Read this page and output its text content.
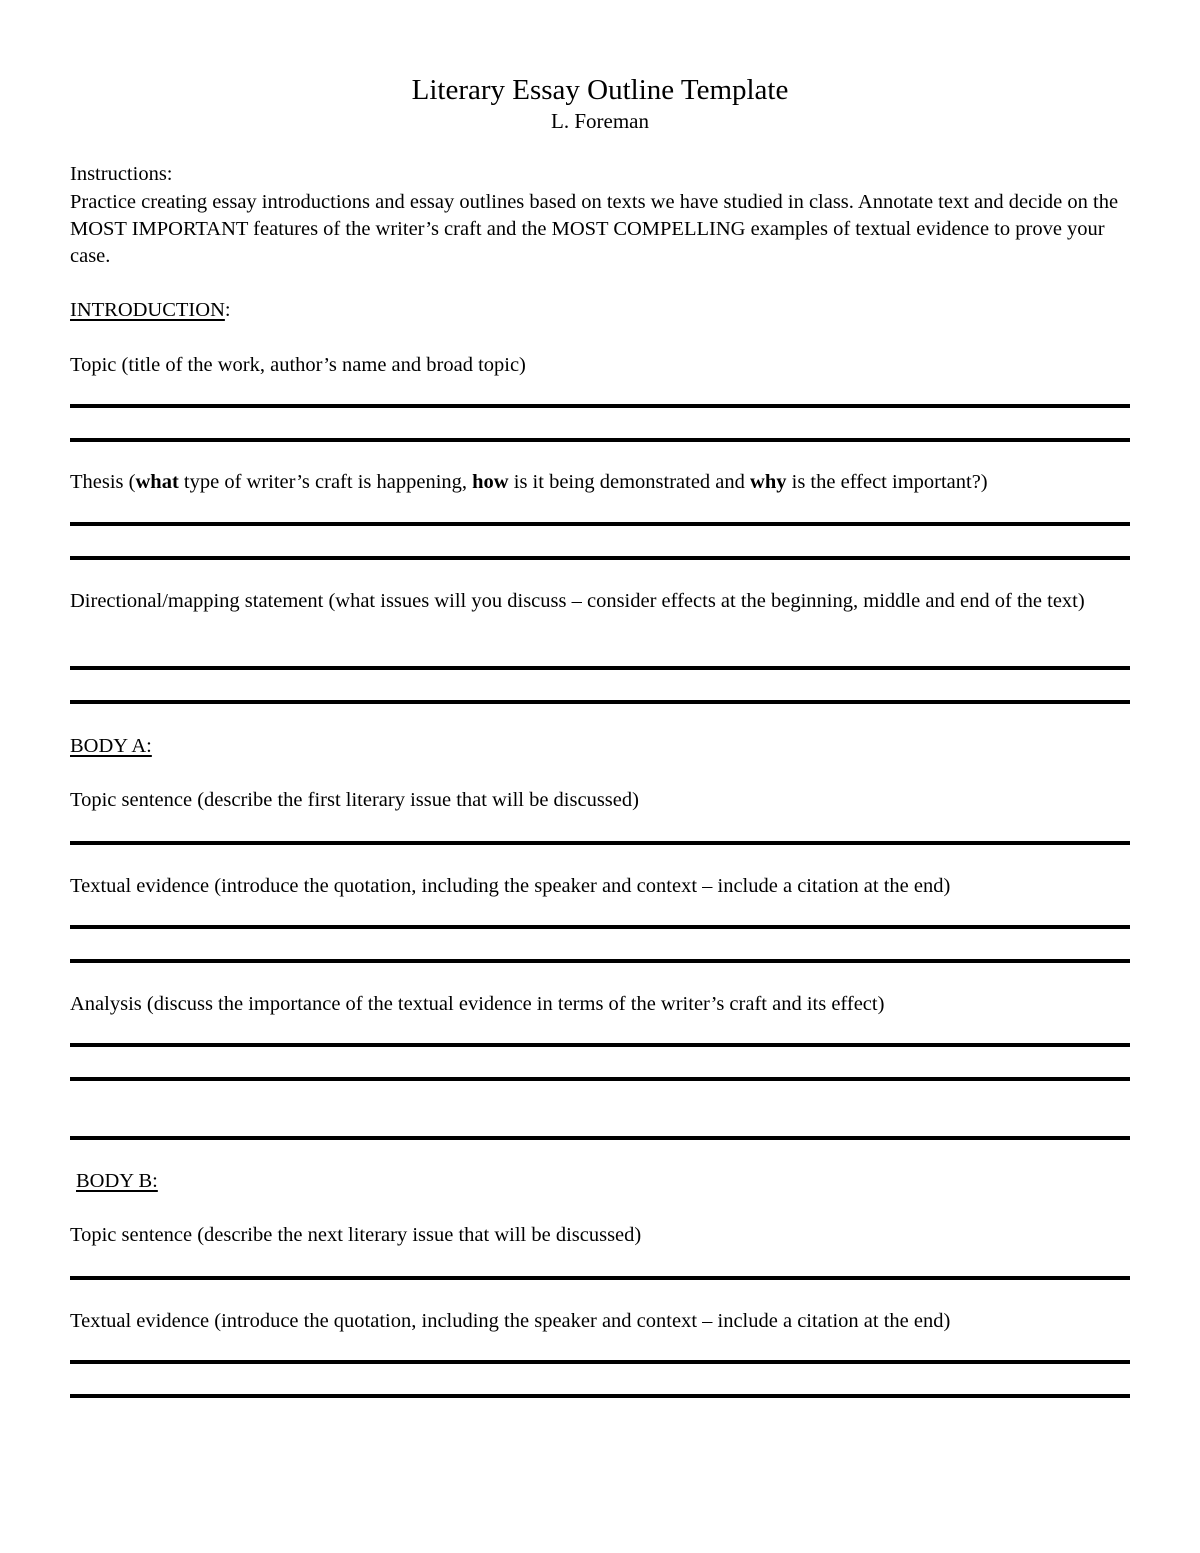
Literary Essay Outline Template
L. Foreman
Instructions:
Practice creating essay introductions and essay outlines based on texts we have studied in class. Annotate text and decide on the MOST IMPORTANT features of the writer’s craft and the MOST COMPELLING examples of textual evidence to prove your case.
INTRODUCTION:
Topic (title of the work, author’s name and broad topic)
Thesis (what type of writer’s craft is happening, how is it being demonstrated and why is the effect important?)
Directional/mapping statement (what issues will you discuss – consider effects at the beginning, middle and end of the text)
BODY A:
Topic sentence (describe the first literary issue that will be discussed)
Textual evidence (introduce the quotation, including the speaker and context – include a citation at the end)
Analysis (discuss the importance of the textual evidence in terms of the writer’s craft and its effect)
BODY B:
Topic sentence (describe the next literary issue that will be discussed)
Textual evidence (introduce the quotation, including the speaker and context – include a citation at the end)
